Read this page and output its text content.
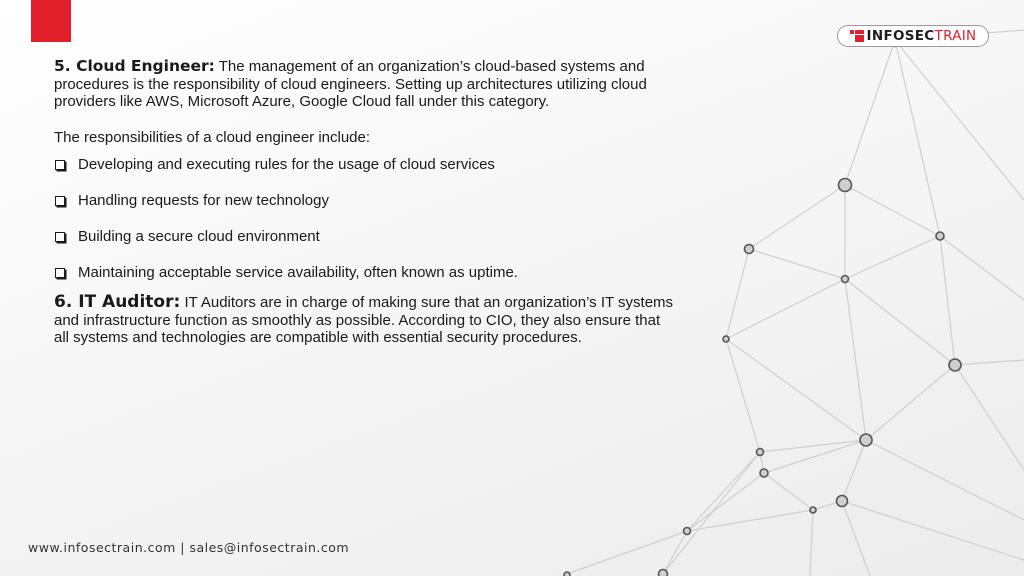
INFOSEC TRAIN

5. Cloud Engineer: The management of an organization’s cloud-based systems and procedures is the responsibility of cloud engineers. Setting up architectures utilizing cloud providers like AWS, Microsoft Azure, Google Cloud fall under this category.

The responsibilities of a cloud engineer include:

Developing and executing rules for the usage of cloud services
Handling requests for new technology
Building a secure cloud environment
Maintaining acceptable service availability, often known as uptime.

6. IT Auditor: IT Auditors are in charge of making sure that an organization’s IT systems and infrastructure function as smoothly as possible. According to CIO, they also ensure that all systems and technologies are compatible with essential security procedures.

www.infosectrain.com | sales@infosectrain.com
